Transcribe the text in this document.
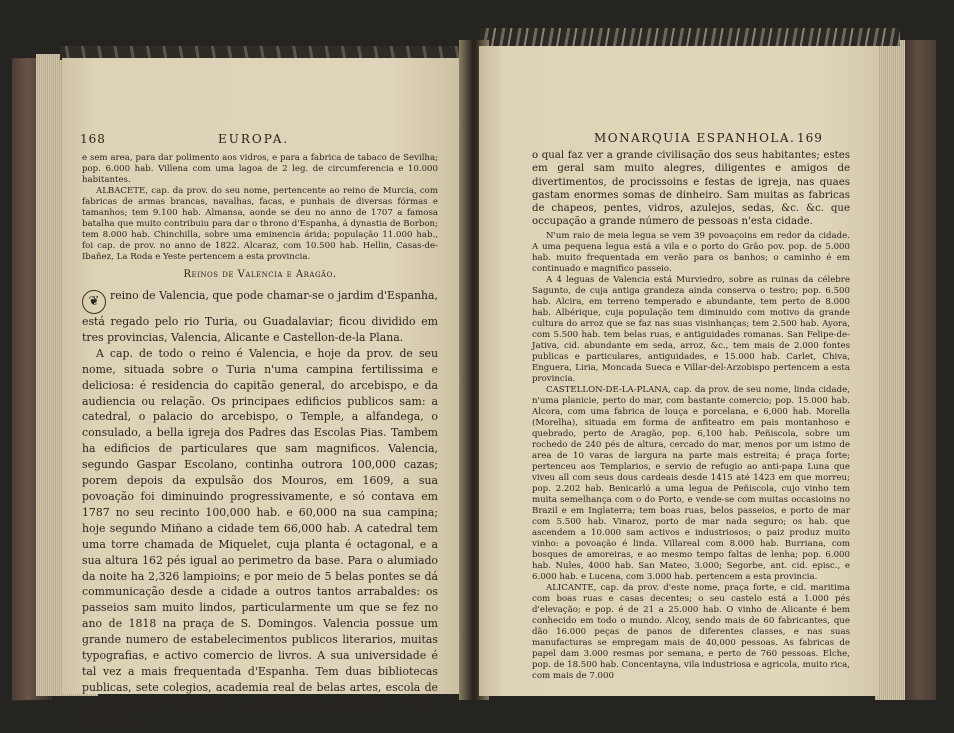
168	EUROPA.

e sem area, para dar polimento aos vidros, e para a fabrica de tabaco de Sevilha; pop. 6.000 hab. Villena com uma lagoa de 2 leg. de circumferencia e 10.000 habitantes.

ALBACETE, cap. da prov. do seu nome, pertencente ao reino de Murcia, com fabricas de armas brancas, navalhas, facas, e punhais de diversas fórmas e tamanhos; tem 9.100 hab. Almansa, aonde se deu no anno de 1707 a famosa batalha que muito contribuiu para dar o throno d'Espanha, á dynastia de Borbon; tem 8.000 hab. Chinchilla, sobre uma eminencia árida; população 11.000 hab., foi cap. de prov. no anno de 1822. Alcaraz, com 10.500 hab. Hellin, Casas-de-Ibañez, La Roda e Yeste pertencem a esta provincia.

Reinos de Valencia e Aragão.

❦ reino de Valencia, que pode chamar-se o jardim d'Espanha, está regado pelo rio Turia, ou Guadalaviar; ficou dividido em tres provincias, Valencia, Alicante e Castellon-de-la Plana.

A cap. de todo o reino é Valencia, e hoje da prov. de seu nome, situada sobre o Turia n'uma campina fertilissima e deliciosa: é residencia do capitão general, do arcebispo, e da audiencia ou relação. Os principaes edificios publicos sam: a catedral, o palacio do arcebispo, o Temple, a alfandega, o consulado, a bella igreja dos Padres das Escolas Pias. Tambem ha edificios de particulares que sam magnificos. Valencia, segundo Gaspar Escolano, continha outrora 100,000 cazas; porem depois da expulsão dos Mouros, em 1609, a sua povoação foi diminuindo progressivamente, e só contava em 1787 no seu recinto 100,000 hab. e 60,000 na sua campina; hoje segundo Miñano a cidade tem 66,000 hab. A catedral tem uma torre chamada de Miquelet, cuja planta é octagonal, e a sua altura 162 pés igual ao perimetro da base. Para o alumiado da noite ha 2,326 lampioins; e por meio de 5 belas pontes se dá communicação desde a cidade a outros tantos arrabaldes: os passeios sam muito lindos, particularmente um que se fez no ano de 1818 na praça de S. Domingos. Valencia possue um grande numero de estabelecimentos publicos literarios, muitas typografias, e activo comercio de livros. A sua universidade é tal vez a mais frequentada d'Espanha. Tem duas bibliotecas publicas, sete colegios, academia real de belas artes, escola de clinica, jardim botanico, e um grande numero de escolas primarias,

MONARQUIA ESPANHOLA. 169

o qual faz ver a grande civilisação dos seus habitantes; estes em geral sam muito alegres, diligentes e amigos de divertimentos, de procissoins e festas de igreja, nas quaes gastam enormes somas de dinheiro. Sam muitas as fabricas de chapeos, pentes, vidros, azulejos, sedas, &c. &c. que occupação a grande número de pessoas n'esta cidade.

N'um raio de meia legua se vem 39 povoaçoins em redor da cidade. A uma pequena legua está a vila e o porto do Grão pov. pop. de 5.000 hab. muito frequentada em verão para os banhos; o caminho é em continuado e magnifico passeio.

A 4 leguas de Valencia está Murviedro, sobre as ruinas da célebre Sagunto, de cuja antiga grandeza ainda conserva o testro; pop. 6.500 hab. Alcira, em terreno temperado e abundante, tem perto de 8.000 hab. Albérique, cuja população tem diminuido com motivo da grande cultura do arroz que se faz nas suas visinhanças; tem 2.500 hab. Ayora, com 5.500 hab. tem belas ruas, e antiguidades romanas. San Felipe-de-Jativa, cid. abundante em seda, arroz, &c., tem mais de 2.000 fontes publicas e particulares, antiguidades, e 15.000 hab. Carlet, Chiva, Enguera, Liria, Moncada Sueca e Villar-del-Arzobispo pertencem a esta provincia.

CASTELLON-DE-LA-PLANA, cap. da prov. de seu nome, linda cidade, n'uma planicie, perto do mar, com bastante comercio; pop. 15.000 hab. Alcora, com uma fabrica de louça e porcelana, e 6,000 hab. Morella (Morelha), situada em forma de anfiteatro em pais montanhoso e quebrado, perto de Aragão, pop. 6,100 hab. Peñiscola, sobre um rochedo de 240 pés de altura, cercado do mar, menos por um istmo de area de 10 varas de largura na parte mais estreita; é praça forte; pertenceu aos Templarios, e servio de refugio ao anti-papa Luna que viveu all com seus dous cardeais desde 1415 até 1423 em que morreu; pop. 2.202 hab. Benicarló a uma legua de Peñiscola, cujo vinho tem muita semelhança com o do Porto, e vende-se com muitas occasioins no Brazil e em Inglaterra; tem boas ruas, belos passeios, e porto de mar com 5.500 hab. Vinaroz, porto de mar nada seguro; os hab. que ascendem a 10.000 sam activos e industriosos; o paiz produz muito vinho: a povoação é linda. Villareal com 8.000 hab. Burriana, com bosques de amoreiras, e ao mesmo tempo faltas de lenha; pop. 6.000 hab. Nules, 4000 hab. San Mateo, 3.000; Segorbe, ant. cid. episc., e 6.000 hab. e Lucena, com 3.000 hab. pertencem a esta provincia.

ALICANTE, cap. da prov. d'este nome, praça forte, e cid. maritima com boas ruas e casas decentes; o seu castelo está a 1.000 pés d'elevação; e pop. é de 21 a 25.000 hab. O vinho de Alicante é bem conhecido em todo o mundo. Alcoy, sendo mais de 60 fabricantes, que dão 16.000 peças de panos de diferentes classes, e nas suas manufacturas se empregam mais de 40,000 pessoas. As fabricas de papel dam 3.000 resmas por semana, e perto de 760 pessoas. Elche, pop. de 18.500 hab. Concentayna, vila industriosa e agricola, muito rica, com mais de 7.000
